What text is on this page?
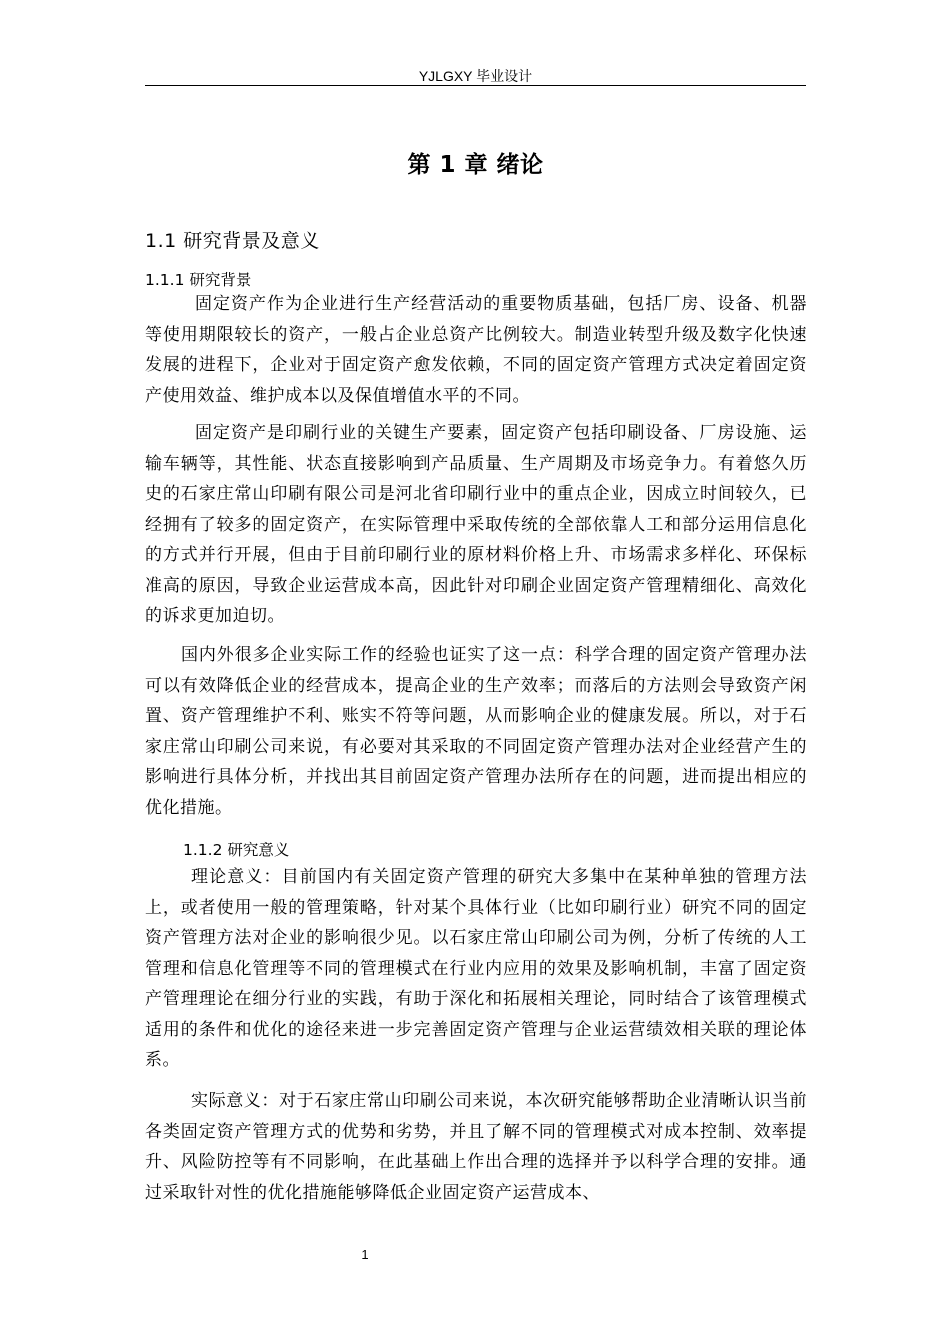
YJLGXY 毕业设计
第 1 章 绪论
1.1 研究背景及意义
1.1.1 研究背景

固定资产作为企业进行生产经营活动的重要物质基础，包括厂房、设备、机器等使用期限较长的资产，一般占企业总资产比例较大。制造业转型升级及数字化快速发展的进程下，企业对于固定资产愈发依赖，不同的固定资产管理方式决定着固定资产使用效益、维护成本以及保值增值水平的不同。

固定资产是印刷行业的关键生产要素，固定资产包括印刷设备、厂房设施、运输车辆等，其性能、状态直接影响到产品质量、生产周期及市场竞争力。有着悠久历史的石家庄常山印刷有限公司是河北省印刷行业中的重点企业，因成立时间较久，已经拥有了较多的固定资产，在实际管理中采取传统的全部依靠人工和部分运用信息化的方式并行开展，但由于目前印刷行业的原材料价格上升、市场需求多样化、环保标准高的原因，导致企业运营成本高，因此针对印刷企业固定资产管理精细化、高效化的诉求更加迫切。

国内外很多企业实际工作的经验也证实了这一点：科学合理的固定资产管理办法可以有效降低企业的经营成本，提高企业的生产效率；而落后的方法则会导致资产闲置、资产管理维护不利、账实不符等问题，从而影响企业的健康发展。所以，对于石家庄常山印刷公司来说，有必要对其采取的不同固定资产管理办法对企业经营产生的影响进行具体分析，并找出其目前固定资产管理办法所存在的问题，进而提出相应的优化措施。

1.1.2 研究意义

理论意义：目前国内有关固定资产管理的研究大多集中在某种单独的管理方法上，或者使用一般的管理策略，针对某个具体行业（比如印刷行业）研究不同的固定资产管理方法对企业的影响很少见。以石家庄常山印刷公司为例，分析了传统的人工管理和信息化管理等不同的管理模式在行业内应用的效果及影响机制，丰富了固定资产管理理论在细分行业的实践，有助于深化和拓展相关理论，同时结合了该管理模式适用的条件和优化的途径来进一步完善固定资产管理与企业运营绩效相关联的理论体系。

实际意义：对于石家庄常山印刷公司来说，本次研究能够帮助企业清晰认识当前各类固定资产管理方式的优势和劣势，并且了解不同的管理模式对成本控制、效率提升、风险防控等有不同影响，在此基础上作出合理的选择并予以科学合理的安排。通过采取针对性的优化措施能够降低企业固定资产运营成本、

1
